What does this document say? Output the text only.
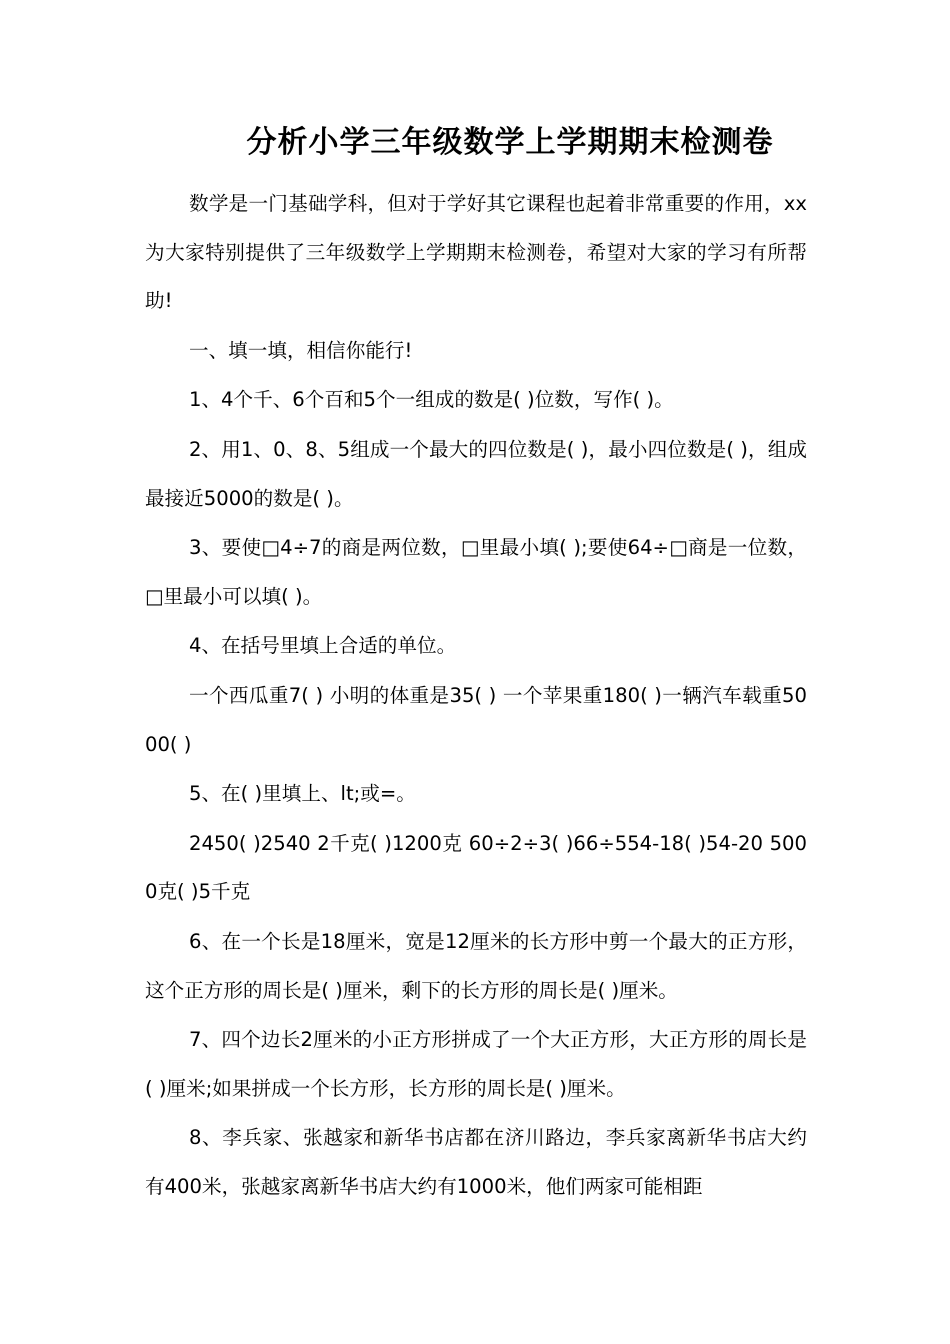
分析小学三年级数学上学期期末检测卷

数学是一门基础学科，但对于学好其它课程也起着非常重要的作用，xx为大家特别提供了三年级数学上学期期末检测卷，希望对大家的学习有所帮助!

一、填一填，相信你能行!

1、4个千、6个百和5个一组成的数是( )位数，写作( )。

2、用1、0、8、5组成一个最大的四位数是( )，最小四位数是( )，组成最接近5000的数是( )。

3、要使□4÷7的商是两位数，□里最小填( );要使64÷□商是一位数，□里最小可以填( )。

4、在括号里填上合适的单位。

一个西瓜重7( ) 小明的体重是35( ) 一个苹果重180( )一辆汽车载重5000( )

5、在( )里填上、lt;或=。

2450( )2540 2千克( )1200克 60÷2÷3( )66÷554-18( )54-20 5000克( )5千克

6、在一个长是18厘米，宽是12厘米的长方形中剪一个最大的正方形，这个正方形的周长是( )厘米，剩下的长方形的周长是( )厘米。

7、四个边长2厘米的小正方形拼成了一个大正方形，大正方形的周长是( )厘米;如果拼成一个长方形，长方形的周长是( )厘米。

8、李兵家、张越家和新华书店都在济川路边，李兵家离新华书店大约有400米，张越家离新华书店大约有1000米，他们两家可能相距
